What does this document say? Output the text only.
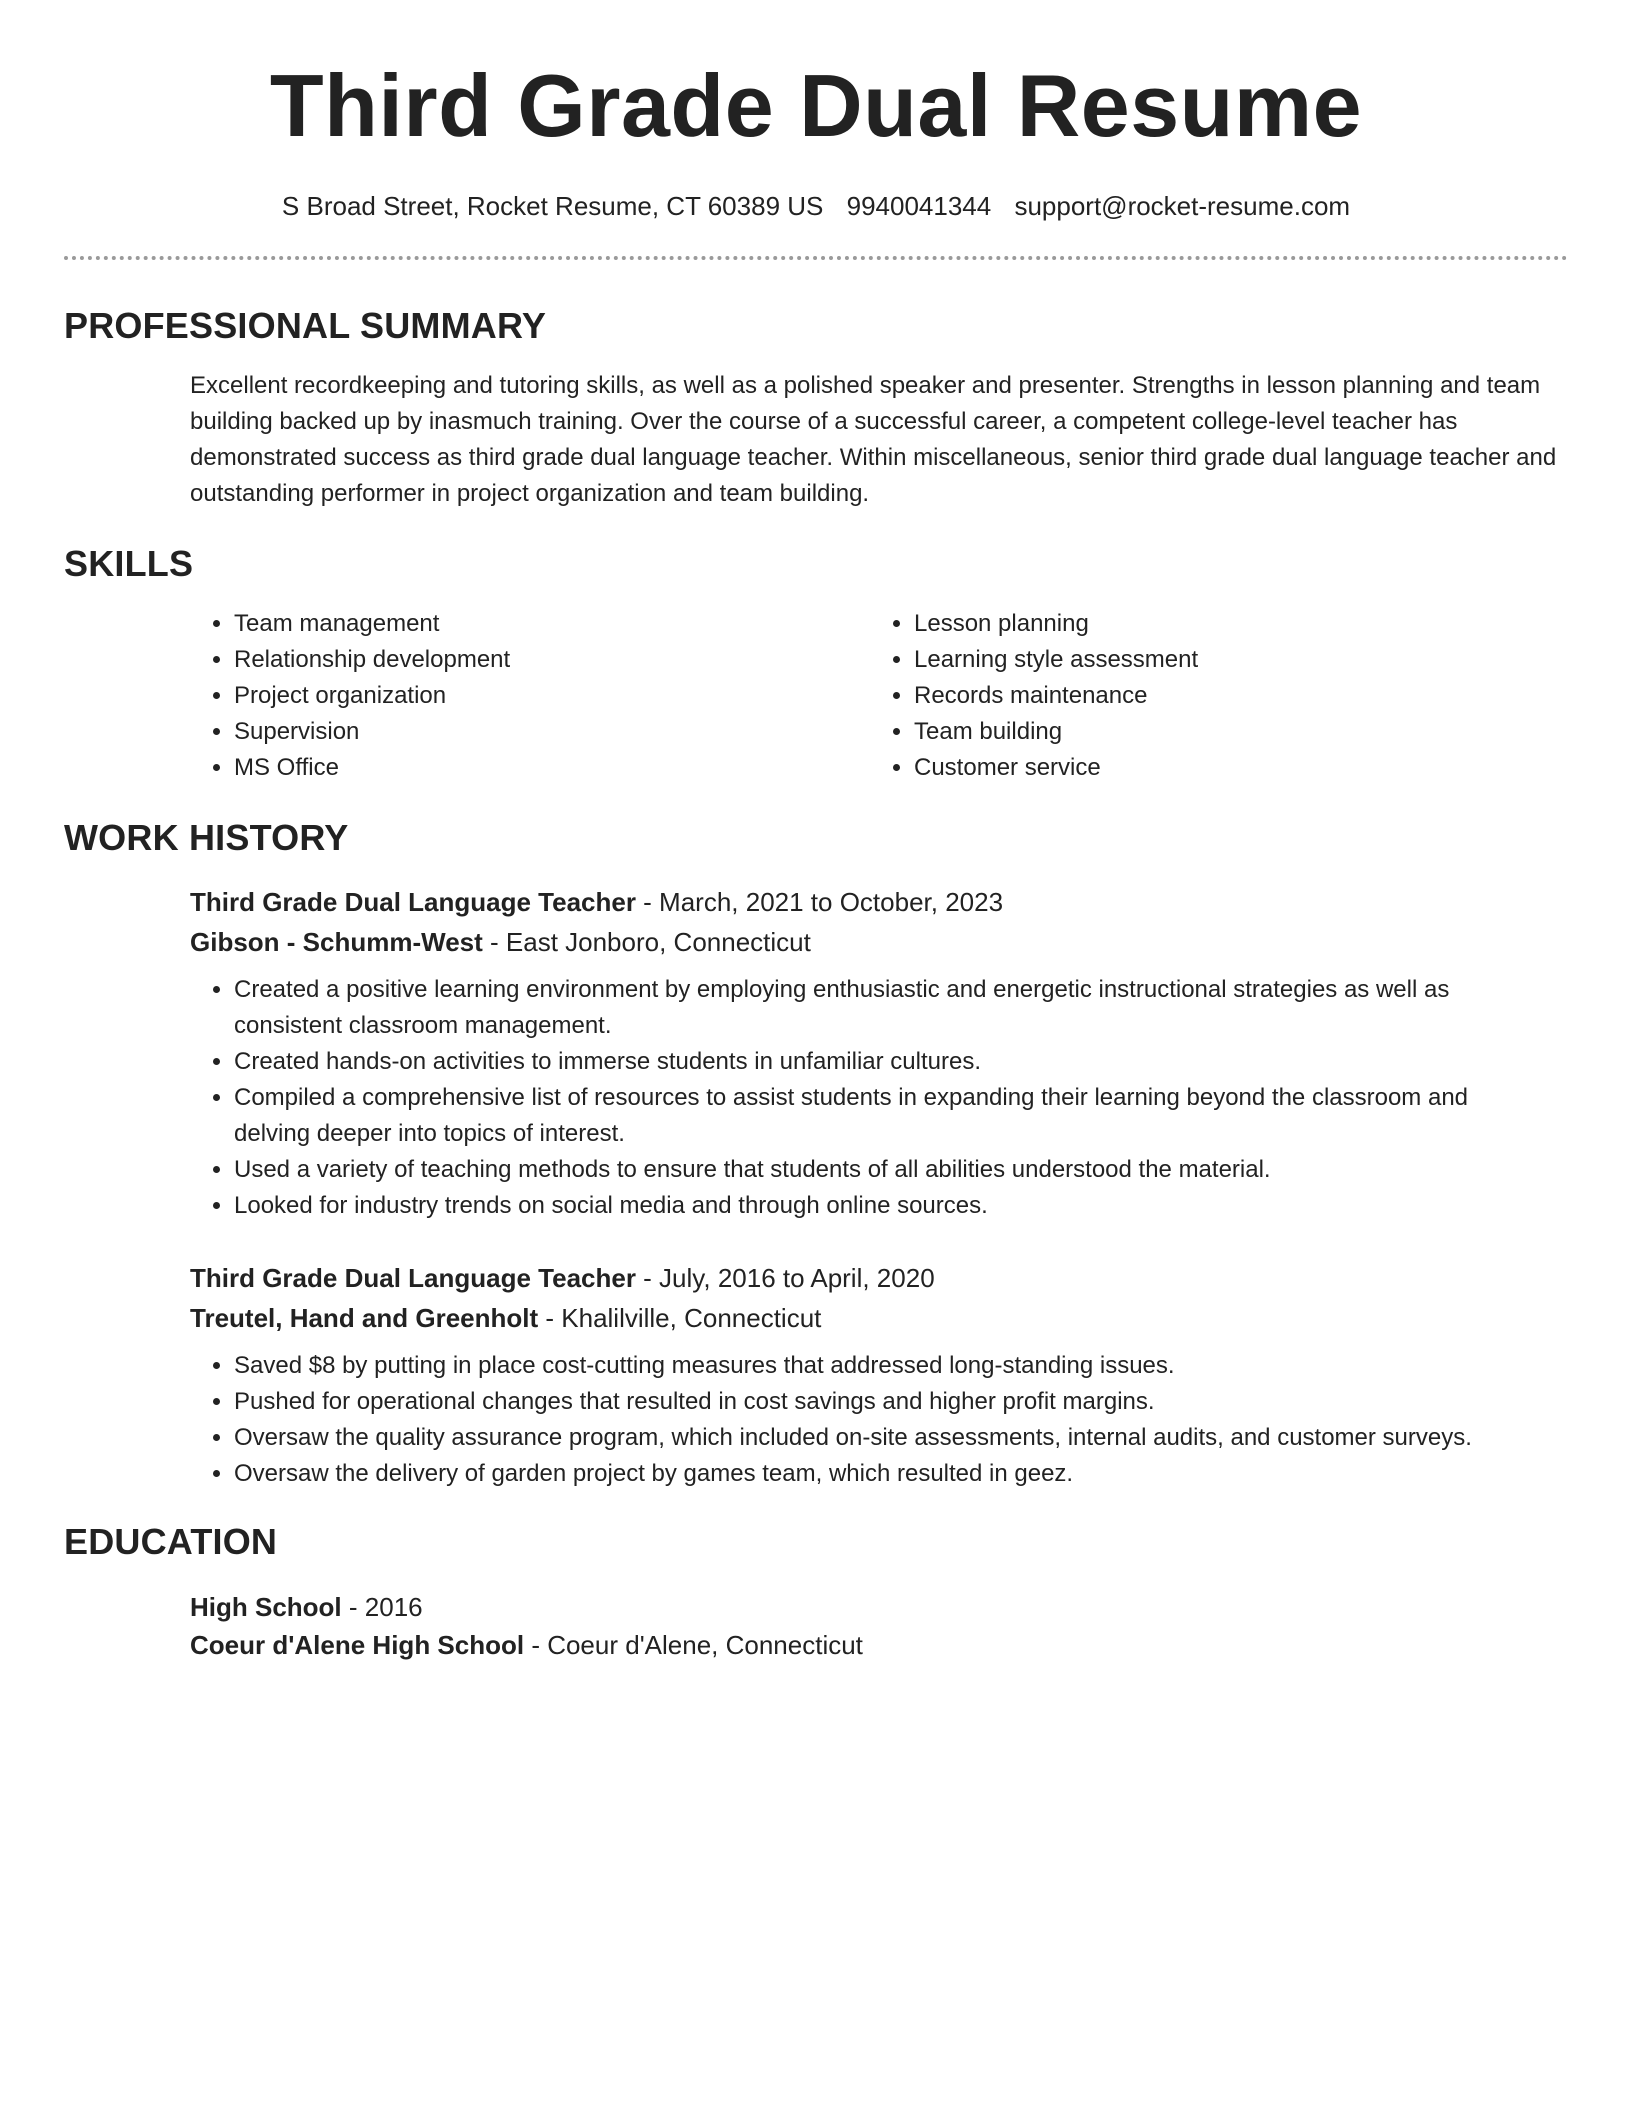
Third Grade Dual Resume
S Broad Street, Rocket Resume, CT 60389 US 9940041344 support@rocket-resume.com
PROFESSIONAL SUMMARY
Excellent recordkeeping and tutoring skills, as well as a polished speaker and presenter. Strengths in lesson planning and team building backed up by inasmuch training. Over the course of a successful career, a competent college-level teacher has demonstrated success as third grade dual language teacher. Within miscellaneous, senior third grade dual language teacher and outstanding performer in project organization and team building.
SKILLS
• Team management
• Relationship development
• Project organization
• Supervision
• MS Office
• Lesson planning
• Learning style assessment
• Records maintenance
• Team building
• Customer service
WORK HISTORY
Third Grade Dual Language Teacher - March, 2021 to October, 2023
Gibson - Schumm-West - East Jonboro, Connecticut
• Created a positive learning environment by employing enthusiastic and energetic instructional strategies as well as consistent classroom management.
• Created hands-on activities to immerse students in unfamiliar cultures.
• Compiled a comprehensive list of resources to assist students in expanding their learning beyond the classroom and delving deeper into topics of interest.
• Used a variety of teaching methods to ensure that students of all abilities understood the material.
• Looked for industry trends on social media and through online sources.
Third Grade Dual Language Teacher - July, 2016 to April, 2020
Treutel, Hand and Greenholt - Khalilville, Connecticut
• Saved $8 by putting in place cost-cutting measures that addressed long-standing issues.
• Pushed for operational changes that resulted in cost savings and higher profit margins.
• Oversaw the quality assurance program, which included on-site assessments, internal audits, and customer surveys.
• Oversaw the delivery of garden project by games team, which resulted in geez.
EDUCATION
High School - 2016
Coeur d'Alene High School - Coeur d'Alene, Connecticut
